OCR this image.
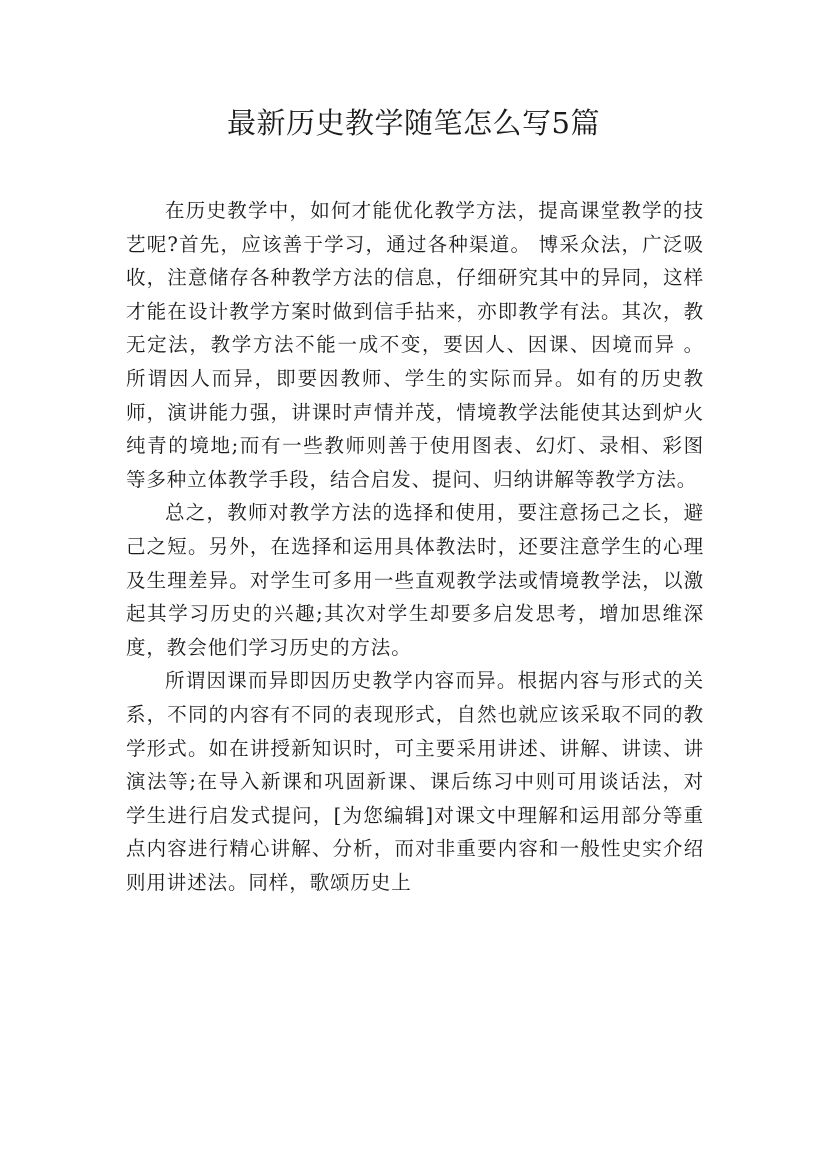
最新历史教学随笔怎么写5篇

在历史教学中，如何才能优化教学方法，提高课堂教学的技艺呢?首先，应该善于学习，通过各种渠道。 博采众法，广泛吸收，注意储存各种教学方法的信息，仔细研究其中的异同，这样才能在设计教学方案时做到信手拈来，亦即教学有法。其次，教无定法，教学方法不能一成不变，要因人、因课、因境而异 。所谓因人而异，即要因教师、学生的实际而异。如有的历史教师，演讲能力强，讲课时声情并茂，情境教学法能使其达到炉火纯青的境地;而有一些教师则善于使用图表、幻灯、录相、彩图等多种立体教学手段，结合启发、提问、归纳讲解等教学方法。

总之，教师对教学方法的选择和使用，要注意扬己之长，避己之短。另外，在选择和运用具体教法时，还要注意学生的心理及生理差异。对学生可多用一些直观教学法或情境教学法，以激起其学习历史的兴趣;其次对学生却要多启发思考，增加思维深度，教会他们学习历史的方法。

所谓因课而异即因历史教学内容而异。根据内容与形式的关系，不同的内容有不同的表现形式，自然也就应该采取不同的教学形式。如在讲授新知识时，可主要采用讲述、讲解、讲读、讲演法等;在导入新课和巩固新课、课后练习中则可用谈话法，对学生进行启发式提问，[为您编辑]对课文中理解和运用部分等重点内容进行精心讲解、分析，而对非重要内容和一般性史实介绍则用讲述法。同样，歌颂历史上
